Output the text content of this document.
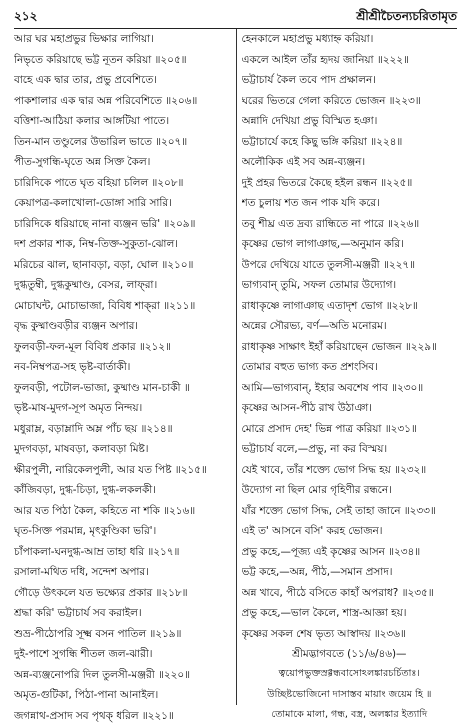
২১২	শ্রীশ্রীচৈতন্যচরিতামৃত
আর ঘর মহাপ্রভুর ভিক্ষার লাগিয়া।
নিভৃতে করিয়াছে ভট্ট নূতন করিয়া ॥২০৫॥
বাহে এক দ্বার তার, প্রভু প্রবেশিতে।
পাকশালার এক দ্বার অন্ন পরিবেশিতে ॥২০৬॥
বত্তিশা-আঠিয়া কলার আঙ্গটিয়া পাতে।
তিন-মান তণ্ডুলের উভারিল ভাতে ॥২০৭॥
পীত-সুগন্ধি-ঘৃতে অন্ন সিক্ত কৈল।
চারিদিকে পাতে ঘৃত বহিয়া চলিল ॥২০৮॥
কেয়াপত্র-কলাখোলা-ডোঙ্গা সারি সারি।
চারিদিকে ধরিয়াছে নানা ব্যঞ্জন ভরি' ॥২০৯॥
দশ প্রকার শাক, নিম্ব-তিক্ত-সুকুতা-ঝোল।
মরিচের ঝাল, ছানাবড়া, বড়া, ঘোল ॥২১০॥
দুগ্ধতুম্বী, দুগ্ধকুষ্মাণ্ড, বেসর, লাফ্‌রা।
মোচাঘন্ট, মোচাভাজা, বিবিধ শাক্‌রা ॥২১১॥
বৃদ্ধ কুষ্মাণ্ডবড়ীর ব্যঞ্জন অপার।
ফুলবড়ী-ফল-মূল বিবিধ প্রকার ॥২১২॥
নব-নিম্বপত্র-সহ ভৃষ্ট-বার্তাকী।
ফুলবড়ী, পটোল-ভাজা, কুষ্মাণ্ড মান-চাকী ॥
ভৃষ্ট-মাষ-মুদগ-সূপ অমৃত নিন্দয়।
মধুরাম্ল, বড়াম্লাদি অম্ল পাঁচ ছয় ॥২১৪॥
মুদগবড়া, মাষবড়া, কলাবড়া মিষ্ট।
ক্ষীরপুলী, নারিকেলপুলী, আর যত পিষ্ট ॥২১৫॥
কাঁজিবড়া, দুগ্ধ-চিড়া, দুগ্ধ-লকলকী।
আর যত পিঠা কৈল, কহিতে না শকি ॥২১৬॥
ঘৃত-সিক্ত পরমান্ন, মৃৎকুণ্ডিকা ভরি'।
চাঁপাকলা-ঘনদুগ্ধ-আম্র তাহা ধরি ॥২১৭॥
রসালা-মথিত দধি, সন্দেশ অপার।
গৌড়ে উৎকলে যত ভক্ষ্যের প্রকার ॥২১৮॥
শ্রদ্ধা করি' ভট্টাচার্য সব করাইল।
শুভ্র-পীঠোপরি সূক্ষ্ম বসন পাতিল ॥২১৯॥
দুই-পাশে সুগন্ধি শীতল জল-ঝারী।
অন্ন-ব্যঞ্জনোপরি দিল তুলসী-মঞ্জরী ॥২২০॥
অমৃত-গুটিকা, পিঠা-পানা আনাইল।
জগন্নাথ-প্রসাদ সব পৃথক্‌ ধরিল ॥২২১॥
হেনকালে মহাপ্রভু মধ্যাহ্ন করিয়া।
একলে আইল তাঁর হৃদয় জানিয়া ॥২২২॥
ভট্টাচার্য কৈল তবে পাদ প্রক্ষালন।
ঘরের ভিতরে গেলা করিতে ভোজন ॥২২৩॥
অন্নাদি দেখিয়া প্রভু বিস্মিত হঞা।
ভট্টাচার্যে কহে কিছু ভঙ্গি করিয়া ॥২২৪॥
অলৌকিক এই সব অন্ন-ব্যঞ্জন।
দুই প্রহর ভিতরে কৈছে হইল রন্ধন ॥২২৫॥
শত চুলায় শত জন পাক যদি করে।
তবু শীঘ্র এত দ্রব্য রান্ধিতে না পারে ॥২২৬॥
কৃষ্ণের ভোগ লাগাঞাছ,—অনুমান করি।
উপরে দেখিয়ে যাতে তুলসী-মঞ্জরী ॥২২৭॥
ভাগ্যবান্‌ তুমি, সফল তোমার উদ্যোগ।
রাধাকৃষ্ণে লাগাঞাছ এতাদৃশ ভোগ ॥২২৮॥
অন্নের সৌরভ্য, বর্ণ—অতি মনোরম।
রাধাকৃষ্ণ সাক্ষাৎ ইহাঁ করিয়াছেন ভোজন ॥২২৯॥
তোমার বহুত ভাগ্য কত প্রশংসিব।
আমি—ভাগ্যবান্‌, ইহার অবশেষ পাব ॥২৩০॥
কৃষ্ণের আসন-পীঠ রাখ উঠাঞা।
মোরে প্রসাদ দেহ' ভিন্ন পাত্র করিয়া ॥২৩১॥
ভট্টাচার্য বলে,—প্রভু, না কর বিস্ময়।
যেই খাবে, তাঁর শক্ত্যে ভোগ সিদ্ধ হয় ॥২৩২॥
উদ্যোগ না ছিল মোর গৃহিণীর রন্ধনে।
যাঁর শক্ত্যে ভোগ সিদ্ধ, সেই তাহা জানে ॥২৩৩॥
এই ত' আসনে বসি' করহ ভোজন।
প্রভু কহে,—পূজ্য এই কৃষ্ণের আসন ॥২৩৪॥
ভট্ট কহে,—অন্ন, পীঠ,—সমান প্রসাদ।
অন্ন খাবে, পীঠে বসিতে কাহাঁ অপরাধ? ॥২৩৫॥
প্রভু কহে,—ভাল কৈলে, শাস্ত্র-আজ্ঞা হয়।
কৃষ্ণের সকল শেষ ভৃত্য আস্বাদয় ॥২৩৬॥
শ্রীমদ্ভাগবতে (১১/৬/৪৬)—
ত্বয়োপভুক্তস্রগ্গন্ধবাসোঽলঙ্কারচর্চিতাঃ।
উচ্ছিষ্টভোজিনো দাসাস্তব মায়াং জয়েম হি ॥
তোমাকে মালা, গন্ধ, বস্ত্র, অলঙ্কার ইত্যাদি
